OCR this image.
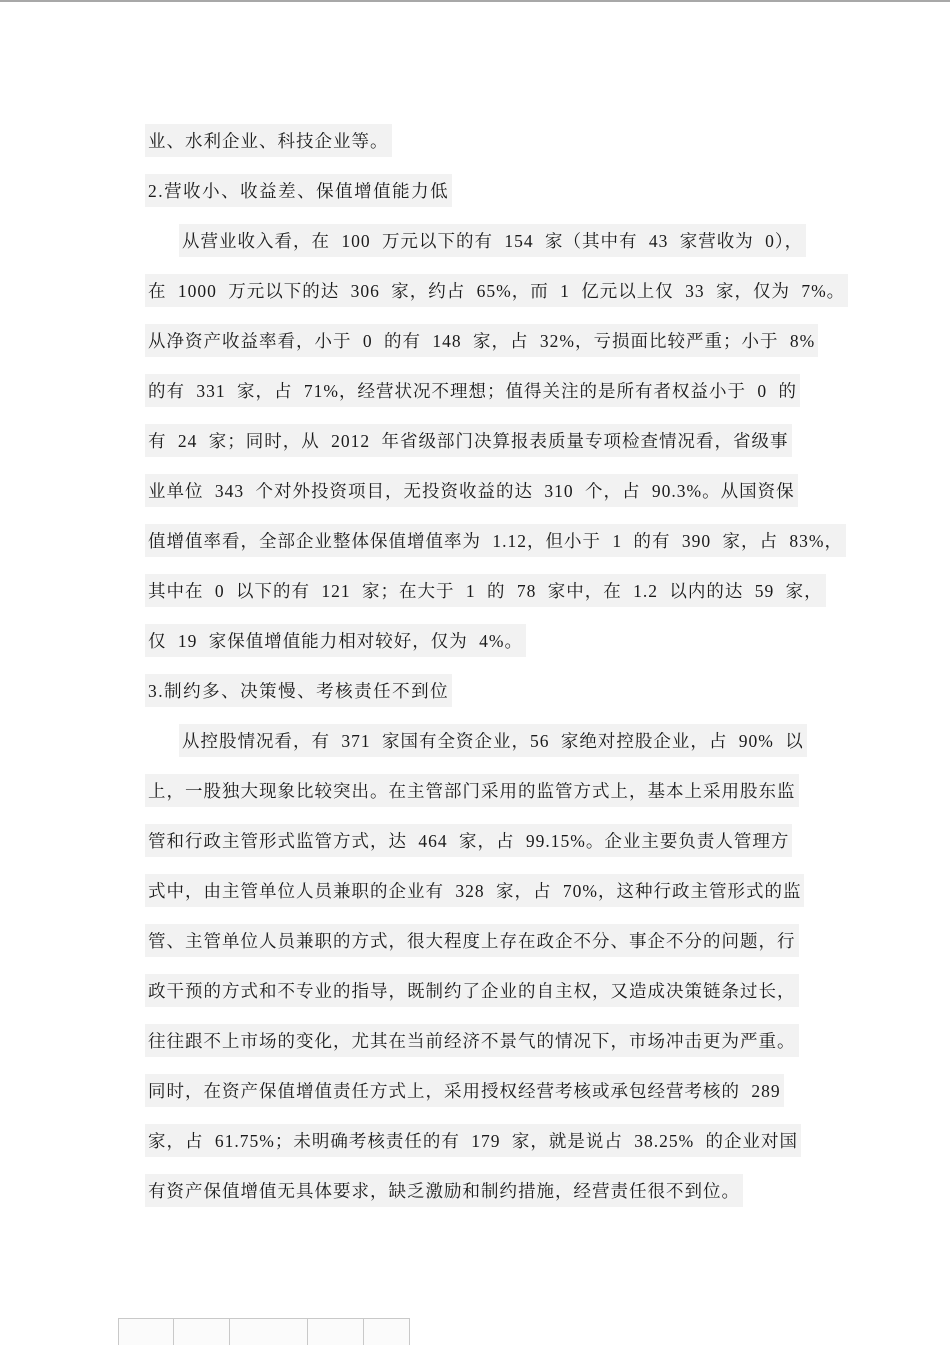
业、水利企业、科技企业等。
2.营收小、收益差、保值增值能力低
从营业收入看，在 100 万元以下的有 154 家（其中有 43 家营收为 0），
在 1000 万元以下的达 306 家，约占 65%，而 1 亿元以上仅 33 家，仅为 7%。
从净资产收益率看，小于 0 的有 148 家，占 32%，亏损面比较严重；小于 8%
的有 331 家，占 71%，经营状况不理想；值得关注的是所有者权益小于 0 的
有 24 家；同时，从 2012 年省级部门决算报表质量专项检查情况看，省级事
业单位 343 个对外投资项目，无投资收益的达 310 个，占 90.3%。从国资保
值增值率看，全部企业整体保值增值率为 1.12，但小于 1 的有 390 家，占 83%，
其中在 0 以下的有 121 家；在大于 1 的 78 家中，在 1.2 以内的达 59 家，
仅 19 家保值增值能力相对较好，仅为 4%。
3.制约多、决策慢、考核责任不到位
从控股情况看，有 371 家国有全资企业，56 家绝对控股企业，占 90% 以
上，一股独大现象比较突出。在主管部门采用的监管方式上，基本上采用股东监
管和行政主管形式监管方式，达 464 家，占 99.15%。企业主要负责人管理方
式中，由主管单位人员兼职的企业有 328 家，占 70%，这种行政主管形式的监
管、主管单位人员兼职的方式，很大程度上存在政企不分、事企不分的问题，行
政干预的方式和不专业的指导，既制约了企业的自主权，又造成决策链条过长，
往往跟不上市场的变化，尤其在当前经济不景气的情况下，市场冲击更为严重。
同时，在资产保值增值责任方式上，采用授权经营考核或承包经营考核的 289
家，占 61.75%；未明确考核责任的有 179 家，就是说占 38.25% 的企业对国
有资产保值增值无具体要求，缺乏激励和制约措施，经营责任很不到位。
